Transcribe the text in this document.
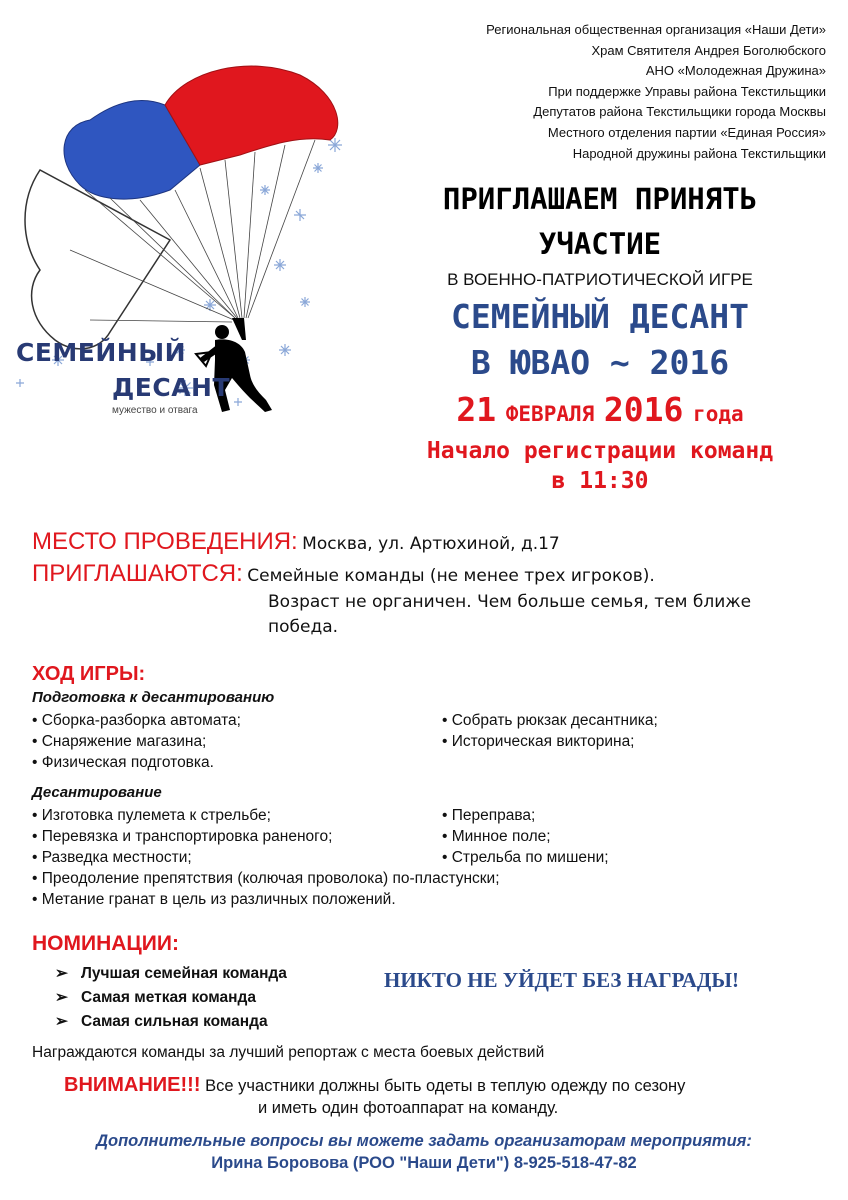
СЕМЕЙНЫЙ
ДЕСАНТ
мужество и отвага
Региональная общественная организация «Наши Дети»
Храм Святителя Андрея Боголюбского
АНО «Молодежная Дружина»
При поддержке Управы района Текстильщики
Депутатов района Текстильщики города Москвы
Местного отделения партии «Единая Россия»
Народной дружины района Текстильщики
ПРИГЛАШАЕМ ПРИНЯТЬ
УЧАСТИЕ
В ВОЕННО-ПАТРИОТИЧЕСКОЙ ИГРЕ
СЕМЕЙНЫЙ ДЕСАНТ
В ЮВАО ~ 2016
21 ФЕВРАЛЯ 2016 года
Начало регистрации команд
в 11:30
МЕСТО ПРОВЕДЕНИЯ: Москва, ул. Артюхиной, д.17
ПРИГЛАШАЮТСЯ: Семейные команды (не менее трех игроков).
Возраст не органичен. Чем больше семья, тем ближе победа.
ХОД ИГРЫ:
Подготовка к десантированию
• Сборка-разборка автомата;
• Снаряжение магазина;
• Физическая подготовка.
• Собрать рюкзак десантника;
• Историческая викторина;
Десантирование
• Изготовка пулемета к стрельбе;
• Перевязка и транспортировка раненого;
• Разведка местности;
• Преодоление препятствия (колючая проволока) по-пластунски;
• Метание гранат в цель из различных положений.
• Переправа;
• Минное поле;
• Стрельба по мишени;
НОМИНАЦИИ:
➢ Лучшая семейная команда
➢ Самая меткая команда
➢ Самая сильная команда
НИКТО НЕ УЙДЕТ БЕЗ НАГРАДЫ!
Награждаются команды за лучший репортаж с места боевых действий
ВНИМАНИЕ!!! Все участники должны быть одеты в теплую одежду по сезону
и иметь один фотоаппарат на команду.
Дополнительные вопросы вы можете задать организаторам мероприятия:
Ирина Боровова (РОО "Наши Дети") 8-925-518-47-82
